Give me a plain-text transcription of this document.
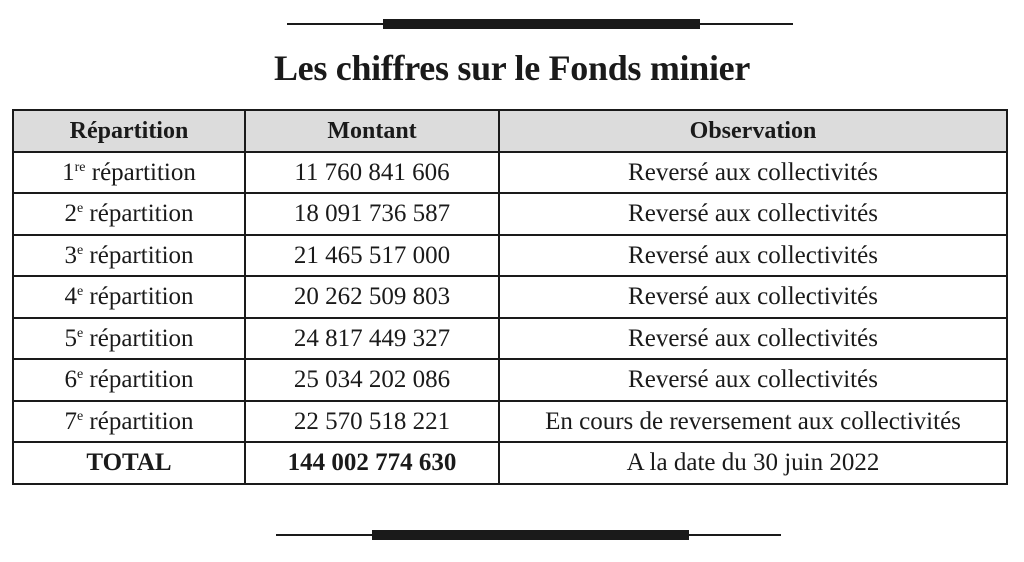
Les chiffres sur le Fonds minier
Répartition	Montant	Observation
1re répartition	11 760 841 606	Reversé aux collectivités
2e répartition	18 091 736 587	Reversé aux collectivités
3e répartition	21 465 517 000	Reversé aux collectivités
4e répartition	20 262 509 803	Reversé aux collectivités
5e répartition	24 817 449 327	Reversé aux collectivités
6e répartition	25 034 202 086	Reversé aux collectivités
7e répartition	22 570 518 221	En cours de reversement aux collectivités
TOTAL	144 002 774 630	A la date du 30 juin 2022
